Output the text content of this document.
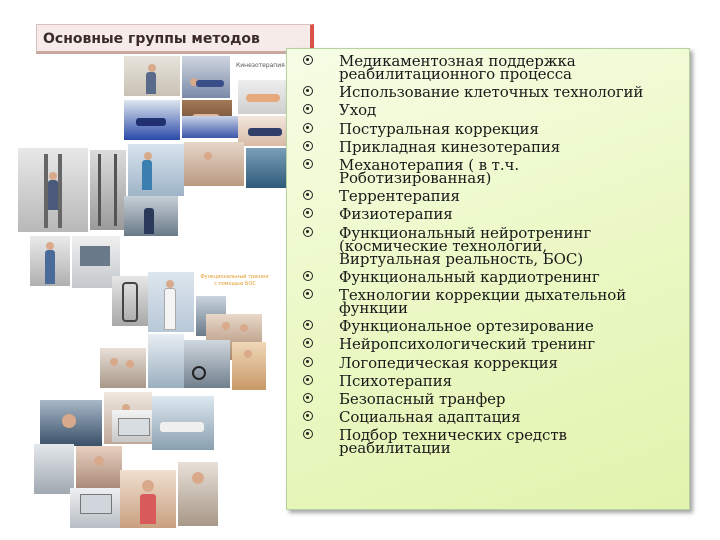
Кинезотерапия
Функциональный тренинг
с помощью БОС
Основные группы методов
Медикаментозная поддержка
реабилитационного процесса
Использование клеточных технологий
Уход
Постуральная коррекция
Прикладная кинезотерапия
Механотерапия ( в т.ч.
Роботизированная)
Террентерапия
Физиотерапия
Функциональный нейротренинг
(космические технологии,
Виртуальная реальность, БОС)
Функциональный кардиотренинг
Технологии коррекции дыхательной
функции
Функциональное ортезирование
Нейропсихологический тренинг
Логопедическая коррекция
Психотерапия
Безопасный транфер
Социальная адаптация
Подбор технических средств
реабилитации
